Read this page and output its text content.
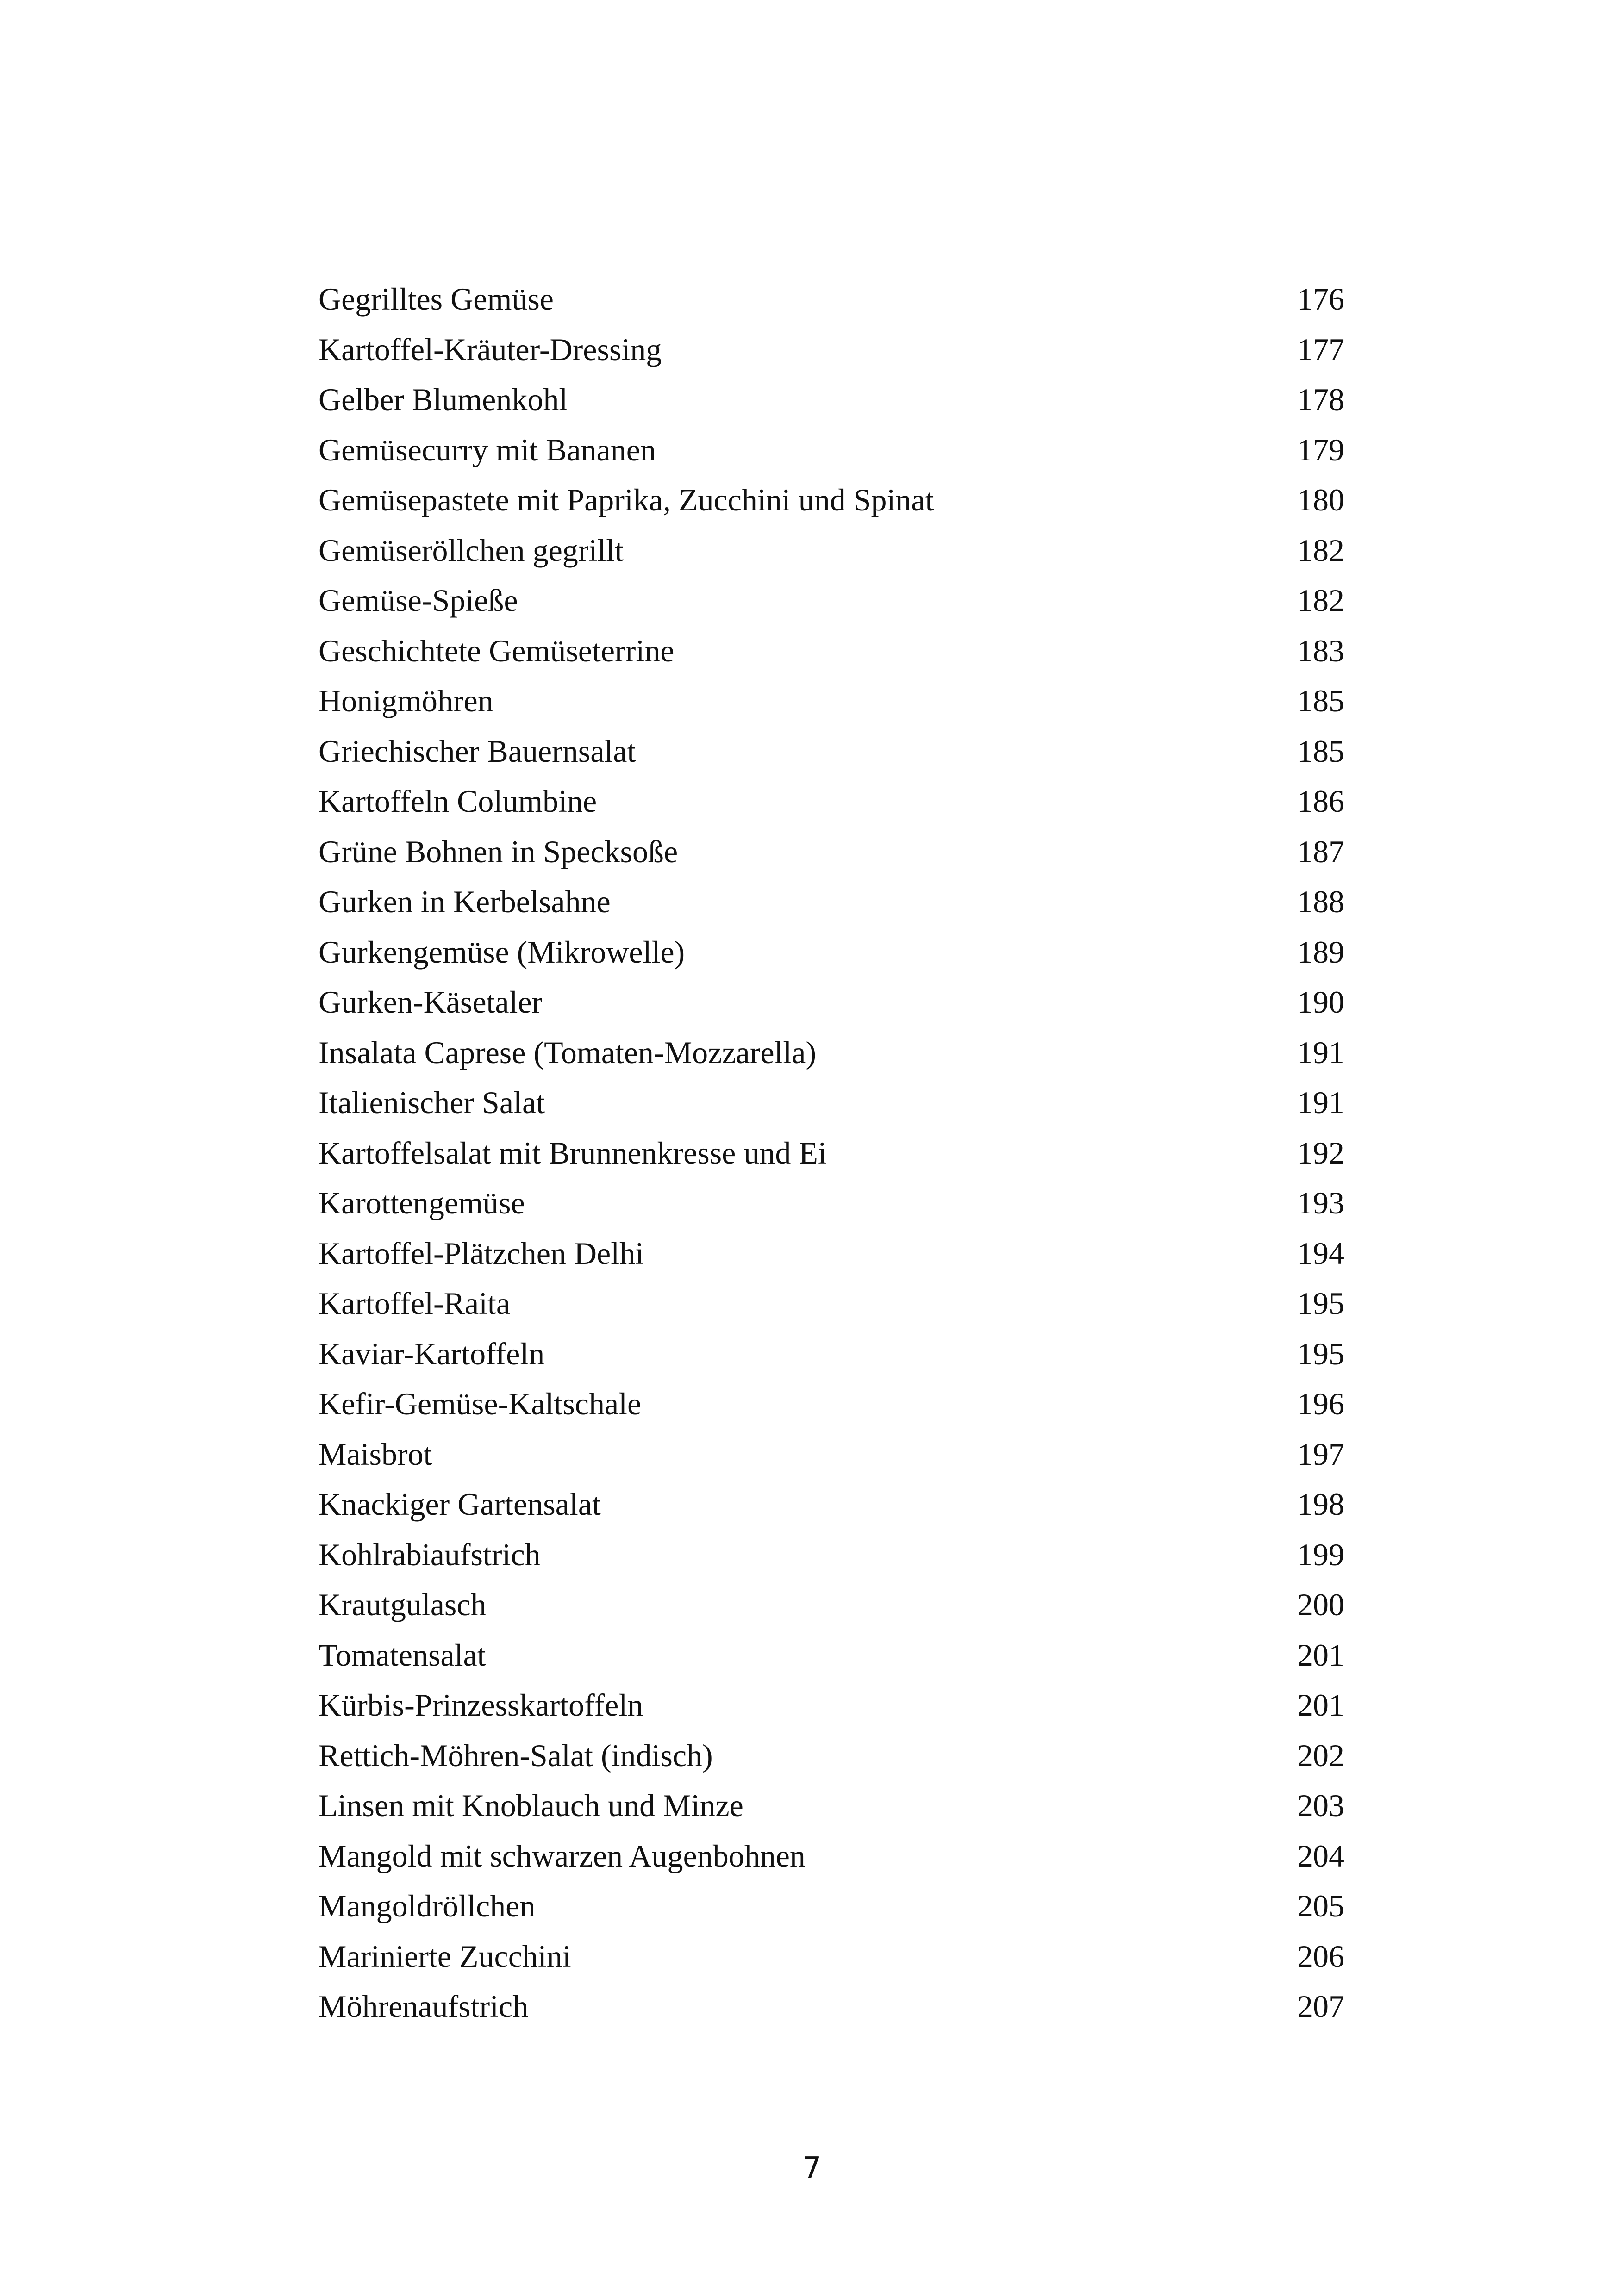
Gegrilltes Gemüse	176
Kartoffel-Kräuter-Dressing	177
Gelber Blumenkohl	178
Gemüsecurry mit Bananen	179
Gemüsepastete mit Paprika, Zucchini und Spinat	180
Gemüseröllchen gegrillt	182
Gemüse-Spieße	182
Geschichtete Gemüseterrine	183
Honigmöhren	185
Griechischer Bauernsalat	185
Kartoffeln Columbine	186
Grüne Bohnen in Specksoße	187
Gurken in Kerbelsahne	188
Gurkengemüse (Mikrowelle)	189
Gurken-Käsetaler	190
Insalata Caprese (Tomaten-Mozzarella)	191
Italienischer Salat	191
Kartoffelsalat mit Brunnenkresse und Ei	192
Karottengemüse	193
Kartoffel-Plätzchen Delhi	194
Kartoffel-Raita	195
Kaviar-Kartoffeln	195
Kefir-Gemüse-Kaltschale	196
Maisbrot	197
Knackiger Gartensalat	198
Kohlrabiaufstrich	199
Krautgulasch	200
Tomatensalat	201
Kürbis-Prinzesskartoffeln	201
Rettich-Möhren-Salat (indisch)	202
Linsen mit Knoblauch und Minze	203
Mangold mit schwarzen Augenbohnen	204
Mangoldröllchen	205
Marinierte Zucchini	206
Möhrenaufstrich	207
7
